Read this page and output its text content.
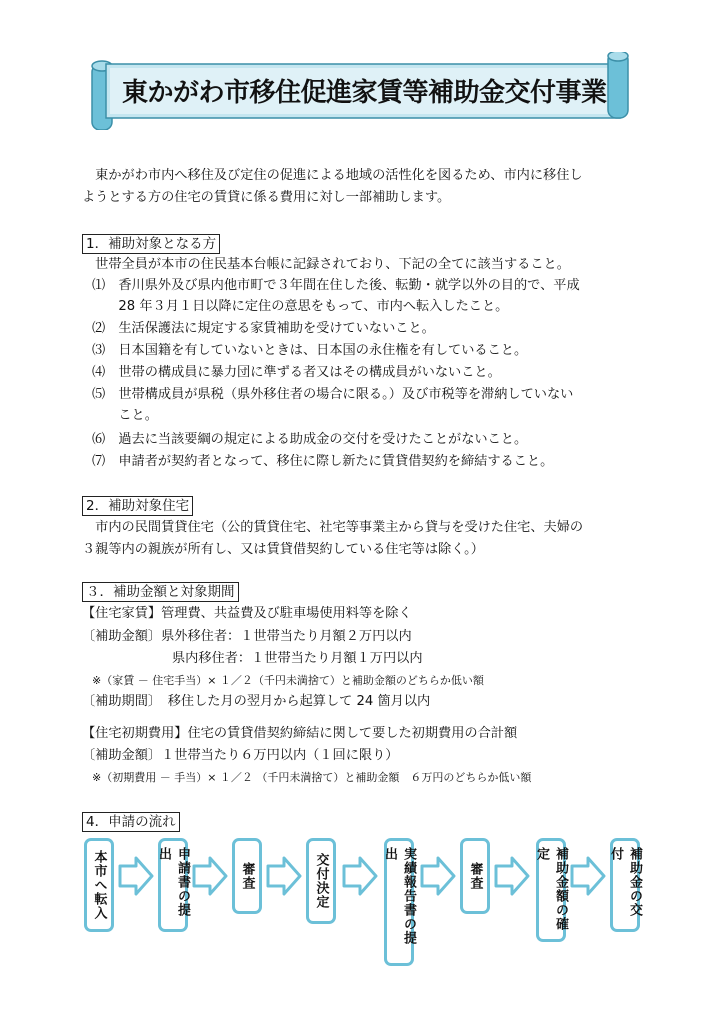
東かがわ市移住促進家賃等補助金交付事業
　東かがわ市内へ移住及び定住の促進による地域の活性化を図るため、市内に移住し
ようとする方の住宅の賃貸に係る費用に対し一部補助します。
1．補助対象となる方
　世帯全員が本市の住民基本台帳に記録されており、下記の全てに該当すること。
⑴　香川県外及び県内他市町で３年間在住した後、転勤・就学以外の目的で、平成
　　28 年３月１日以降に定住の意思をもって、市内へ転入したこと。
⑵　生活保護法に規定する家賃補助を受けていないこと。
⑶　日本国籍を有していないときは、日本国の永住権を有していること。
⑷　世帯の構成員に暴力団に準ずる者又はその構成員がいないこと。
⑸　世帯構成員が県税（県外移住者の場合に限る。）及び市税等を滞納していない
　　こと。
⑹　過去に当該要綱の規定による助成金の交付を受けたことがないこと。
⑺　申請者が契約者となって、移住に際し新たに賃貸借契約を締結すること。
2．補助対象住宅
　市内の民間賃貸住宅（公的賃貸住宅、社宅等事業主から貸与を受けた住宅、夫婦の
３親等内の親族が所有し、又は賃貸借契約している住宅等は除く。）
３．補助金額と対象期間
【住宅家賃】管理費、共益費及び駐車場使用料等を除く
〔補助金額〕県外移住者：１世帯当たり月額２万円以内
県内移住者：１世帯当たり月額１万円以内
※（家賃 － 住宅手当）× １／２（千円未満捨て）と補助金額のどちらか低い額
〔補助期間〕　移住した月の翌月から起算して 24 箇月以内
【住宅初期費用】住宅の賃貸借契約締結に関して要した初期費用の合計額
〔補助金額〕１世帯当たり６万円以内（１回に限り）
※（初期費用 － 手当）× １／２ （千円未満捨て）と補助金額　６万円のどちらか低い額
4．申請の流れ
本市へ転入	申請書の提出
審査	交付決定	実績報告書の提出
審査	補助金額の確定	補助金の交付
